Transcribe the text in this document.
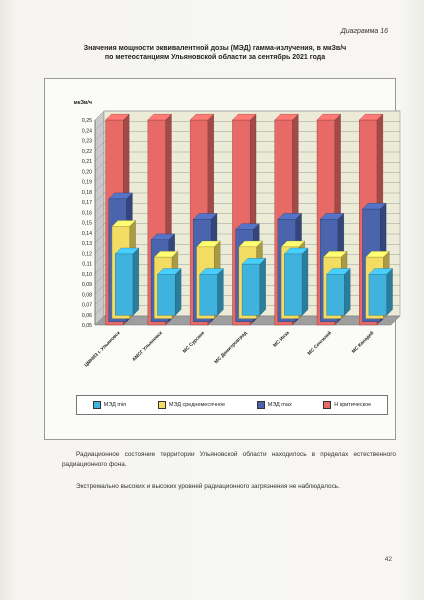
Диаграмма 16
Значения мощности эквивалентной дозы (МЭД) гамма-излучения, в мкЗв/ч
по метеостанциям Ульяновской области за сентябрь 2021 года
0,05
0,06
0,07
0,08
0,09
0,10
0,11
0,12
0,13
0,14
0,15
0,16
0,17
0,18
0,19
0,20
0,21
0,22
0,23
0,24
0,25
мкЗв/ч
ЦМНИЗ г. Ульяновск АМСГ Ульяновск	МС Сурское МС Димитровград	МС Инза	МС Сенгилей	МС Канадей
МЭД min	МЭД среднемесячное	МЭД max	Н критическое
Радиационное состояние территории Ульяновской области находилось в пределах естественного радиационного фона.
Экстремально высоких и высоких уровней радиационного загрязнения не наблюдалось.
42
